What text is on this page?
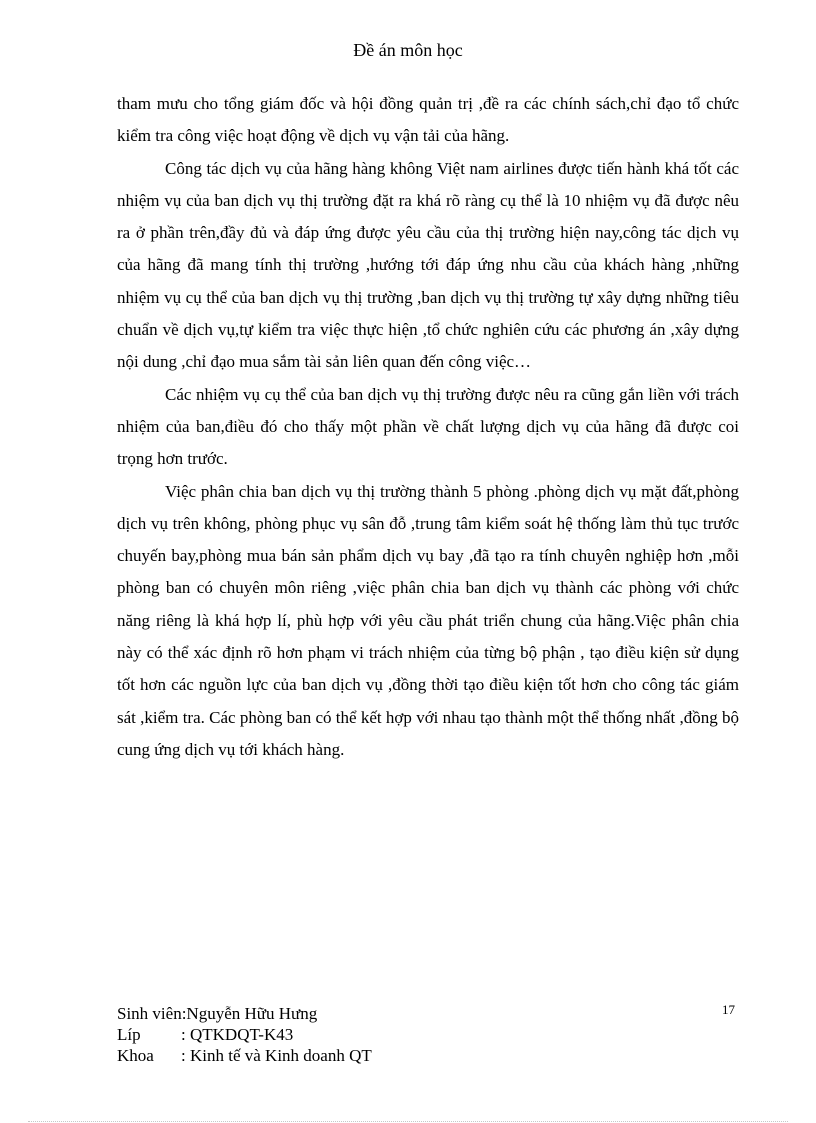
Đề án môn học

tham mưu cho tổng giám đốc và hội đồng quản trị ,đề ra các chính sách,chỉ đạo tổ chức kiểm tra công việc hoạt động về dịch vụ vận tải của hãng.

Công tác dịch vụ của hãng hàng không Việt nam airlines được tiến hành khá tốt các nhiệm vụ của ban dịch vụ thị trường đặt ra khá rõ ràng cụ thể là 10 nhiệm vụ đã được nêu ra ở phần trên,đầy đủ và đáp ứng được yêu cầu của thị trường hiện nay,công tác dịch vụ của hãng đã mang tính thị trường ,hướng tới đáp ứng nhu cầu của khách hàng ,những nhiệm vụ cụ thể của ban dịch vụ thị trường ,ban dịch vụ thị trường tự xây dựng những tiêu chuẩn về dịch vụ,tự kiểm tra việc thực hiện ,tổ chức nghiên cứu các phương án ,xây dựng nội dung ,chỉ đạo mua sắm tài sản liên quan đến công việc…

Các nhiệm vụ cụ thể của ban dịch vụ thị trường được nêu ra cũng gắn liền với trách nhiệm của ban,điều đó cho thấy một phần về chất lượng dịch vụ của hãng đã được coi trọng hơn trước.

Việc phân chia ban dịch vụ thị trường thành 5 phòng .phòng dịch vụ mặt đất,phòng dịch vụ trên không, phòng phục vụ sân đỗ ,trung tâm kiểm soát hệ thống làm thủ tục trước chuyến bay,phòng mua bán sản phẩm dịch vụ bay ,đã tạo ra tính chuyên nghiệp hơn ,mỗi phòng ban có chuyên môn riêng ,việc phân chia ban dịch vụ thành các phòng với chức năng riêng là khá hợp lí, phù hợp với yêu cầu phát triển chung của hãng.Việc phân chia này có thể xác định rõ hơn phạm vi trách nhiệm của từng bộ phận , tạo điều kiện sử dụng tốt hơn các nguồn lực của ban dịch vụ ,đồng thời tạo điều kiện tốt hơn cho công tác giám sát ,kiểm tra. Các phòng ban có thể kết hợp với nhau tạo thành một thể thống nhất ,đồng bộ cung ứng dịch vụ tới khách hàng.

17
Sinh viên:Nguyễn Hữu Hưng
Líp	: QTKDQT-K43
Khoa	: Kinh tế và Kinh doanh QT
